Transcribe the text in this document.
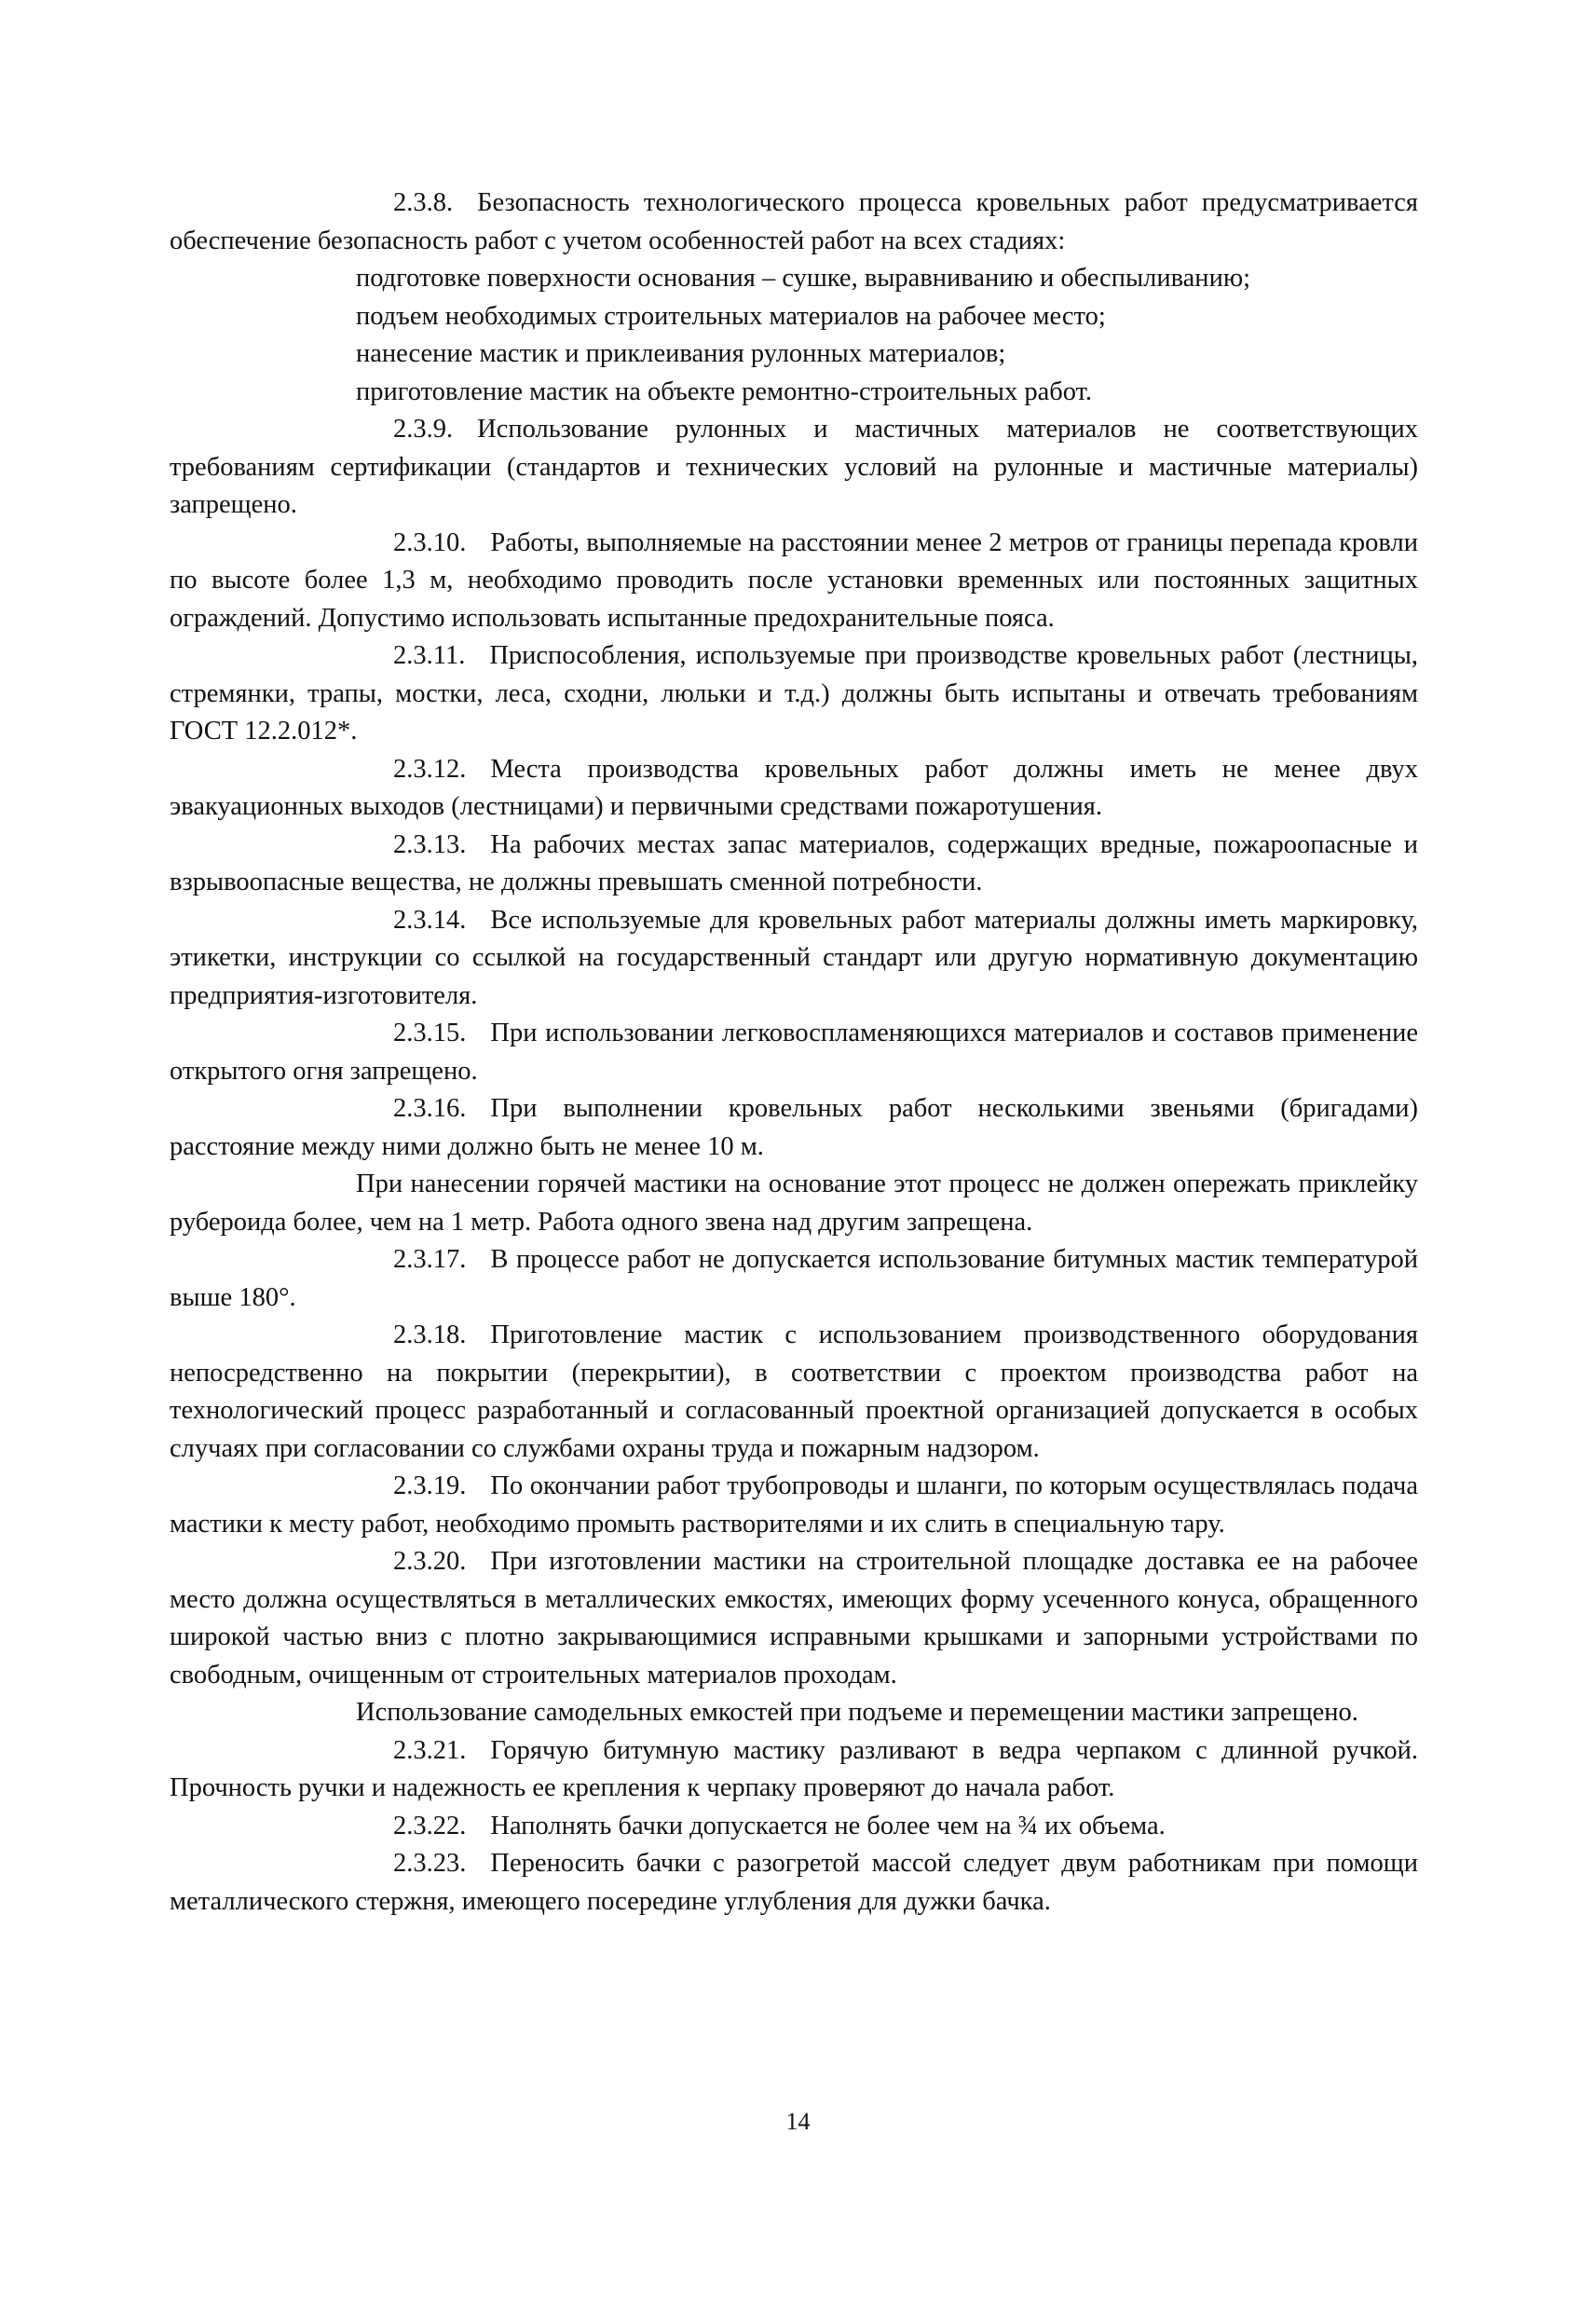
2.3.8. Безопасность технологического процесса кровельных работ предусматривается обеспечение безопасность работ с учетом особенностей работ на всех стадиях:

подготовке поверхности основания – сушке, выравниванию и обеспыливанию;

подъем необходимых строительных материалов на рабочее место;

нанесение мастик и приклеивания рулонных материалов;

приготовление мастик на объекте ремонтно-строительных работ.

2.3.9. Использование рулонных и мастичных материалов не соответствующих требованиям сертификации (стандартов и технических условий на рулонные и мастичные материалы) запрещено.

2.3.10. Работы, выполняемые на расстоянии менее 2 метров от границы перепада кровли по высоте более 1,3 м, необходимо проводить после установки временных или постоянных защитных ограждений. Допустимо использовать испытанные предохранительные пояса.

2.3.11. Приспособления, используемые при производстве кровельных работ (лестницы, стремянки, трапы, мостки, леса, сходни, люльки и т.д.) должны быть испытаны и отвечать требованиям ГОСТ 12.2.012*.

2.3.12. Места производства кровельных работ должны иметь не менее двух эвакуационных выходов (лестницами) и первичными средствами пожаротушения.

2.3.13. На рабочих местах запас материалов, содержащих вредные, пожароопасные и взрывоопасные вещества, не должны превышать сменной потребности.

2.3.14. Все используемые для кровельных работ материалы должны иметь маркировку, этикетки, инструкции со ссылкой на государственный стандарт или другую нормативную документацию предприятия-изготовителя.

2.3.15. При использовании легковоспламеняющихся материалов и составов применение открытого огня запрещено.

2.3.16. При выполнении кровельных работ несколькими звеньями (бригадами) расстояние между ними должно быть не менее 10 м.

При нанесении горячей мастики на основание этот процесс не должен опережать приклейку рубероида более, чем на 1 метр. Работа одного звена над другим запрещена.

2.3.17. В процессе работ не допускается использование битумных мастик температурой выше 180°.

2.3.18. Приготовление мастик с использованием производственного оборудования непосредственно на покрытии (перекрытии), в соответствии с проектом производства работ на технологический процесс разработанный и согласованный проектной организацией допускается в особых случаях при согласовании со службами охраны труда и пожарным надзором.

2.3.19. По окончании работ трубопроводы и шланги, по которым осуществлялась подача мастики к месту работ, необходимо промыть растворителями и их слить в специальную тару.

2.3.20. При изготовлении мастики на строительной площадке доставка ее на рабочее место должна осуществляться в металлических емкостях, имеющих форму усеченного конуса, обращенного широкой частью вниз с плотно закрывающимися исправными крышками и запорными устройствами по свободным, очищенным от строительных материалов проходам.

Использование самодельных емкостей при подъеме и перемещении мастики запрещено.

2.3.21. Горячую битумную мастику разливают в ведра черпаком с длинной ручкой. Прочность ручки и надежность ее крепления к черпаку проверяют до начала работ.

2.3.22. Наполнять бачки допускается не более чем на ¾ их объема.

2.3.23. Переносить бачки с разогретой массой следует двум работникам при помощи металлического стержня, имеющего посередине углубления для дужки бачка.

14
